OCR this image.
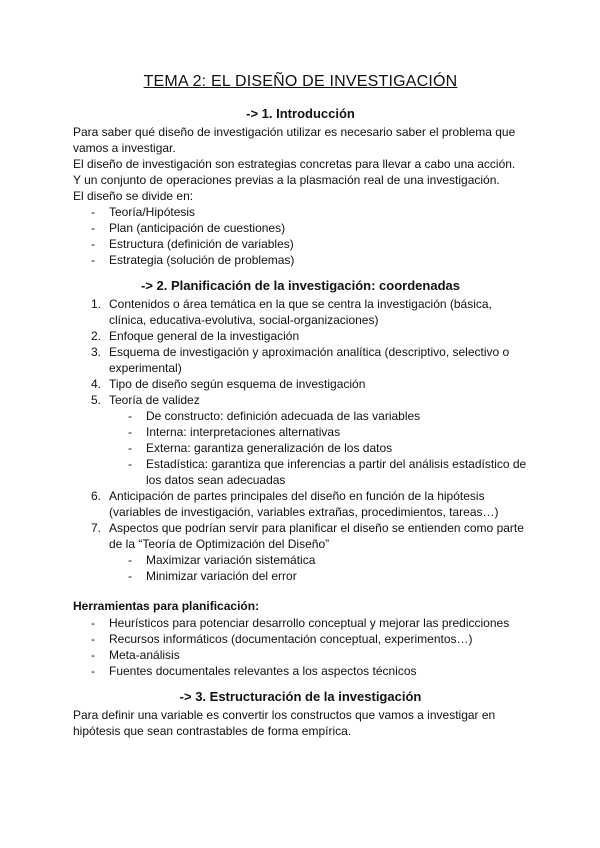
TEMA 2: EL DISEÑO DE INVESTIGACIÓN
-> 1. Introducción

Para saber qué diseño de investigación utilizar es necesario saber el problema que vamos a investigar.

El diseño de investigación son estrategias concretas para llevar a cabo una acción.

Y un conjunto de operaciones previas a la plasmación real de una investigación.

El diseño se divide en:

- Teoría/Hipótesis
- Plan (anticipación de cuestiones)
- Estructura (definición de variables)
- Estrategia (solución de problemas)
-> 2. Planificación de la investigación: coordenadas
1. Contenidos o área temática en la que se centra la investigación (básica, clínica, educativa-evolutiva, social-organizaciones)
2. Enfoque general de la investigación
3. Esquema de investigación y aproximación analítica (descriptivo, selectivo o experimental)
4. Tipo de diseño según esquema de investigación
5. Teoría de validez
- De constructo: definición adecuada de las variables
- Interna: interpretaciones alternativas
- Externa: garantiza generalización de los datos
- Estadística: garantiza que inferencias a partir del análisis estadístico de los datos sean adecuadas
6. Anticipación de partes principales del diseño en función de la hipótesis (variables de investigación, variables extrañas, procedimientos, tareas…)
7. Aspectos que podrían servir para planificar el diseño se entienden como parte de la “Teoría de Optimización del Diseño”
- Maximizar variación sistemática
- Minimizar variación del error
Herramientas para planificación:
- Heurísticos para potenciar desarrollo conceptual y mejorar las predicciones
- Recursos informáticos (documentación conceptual, experimentos…)
- Meta-análisis
- Fuentes documentales relevantes a los aspectos técnicos
-> 3. Estructuración de la investigación

Para definir una variable es convertir los constructos que vamos a investigar en hipótesis que sean contrastables de forma empírica.
